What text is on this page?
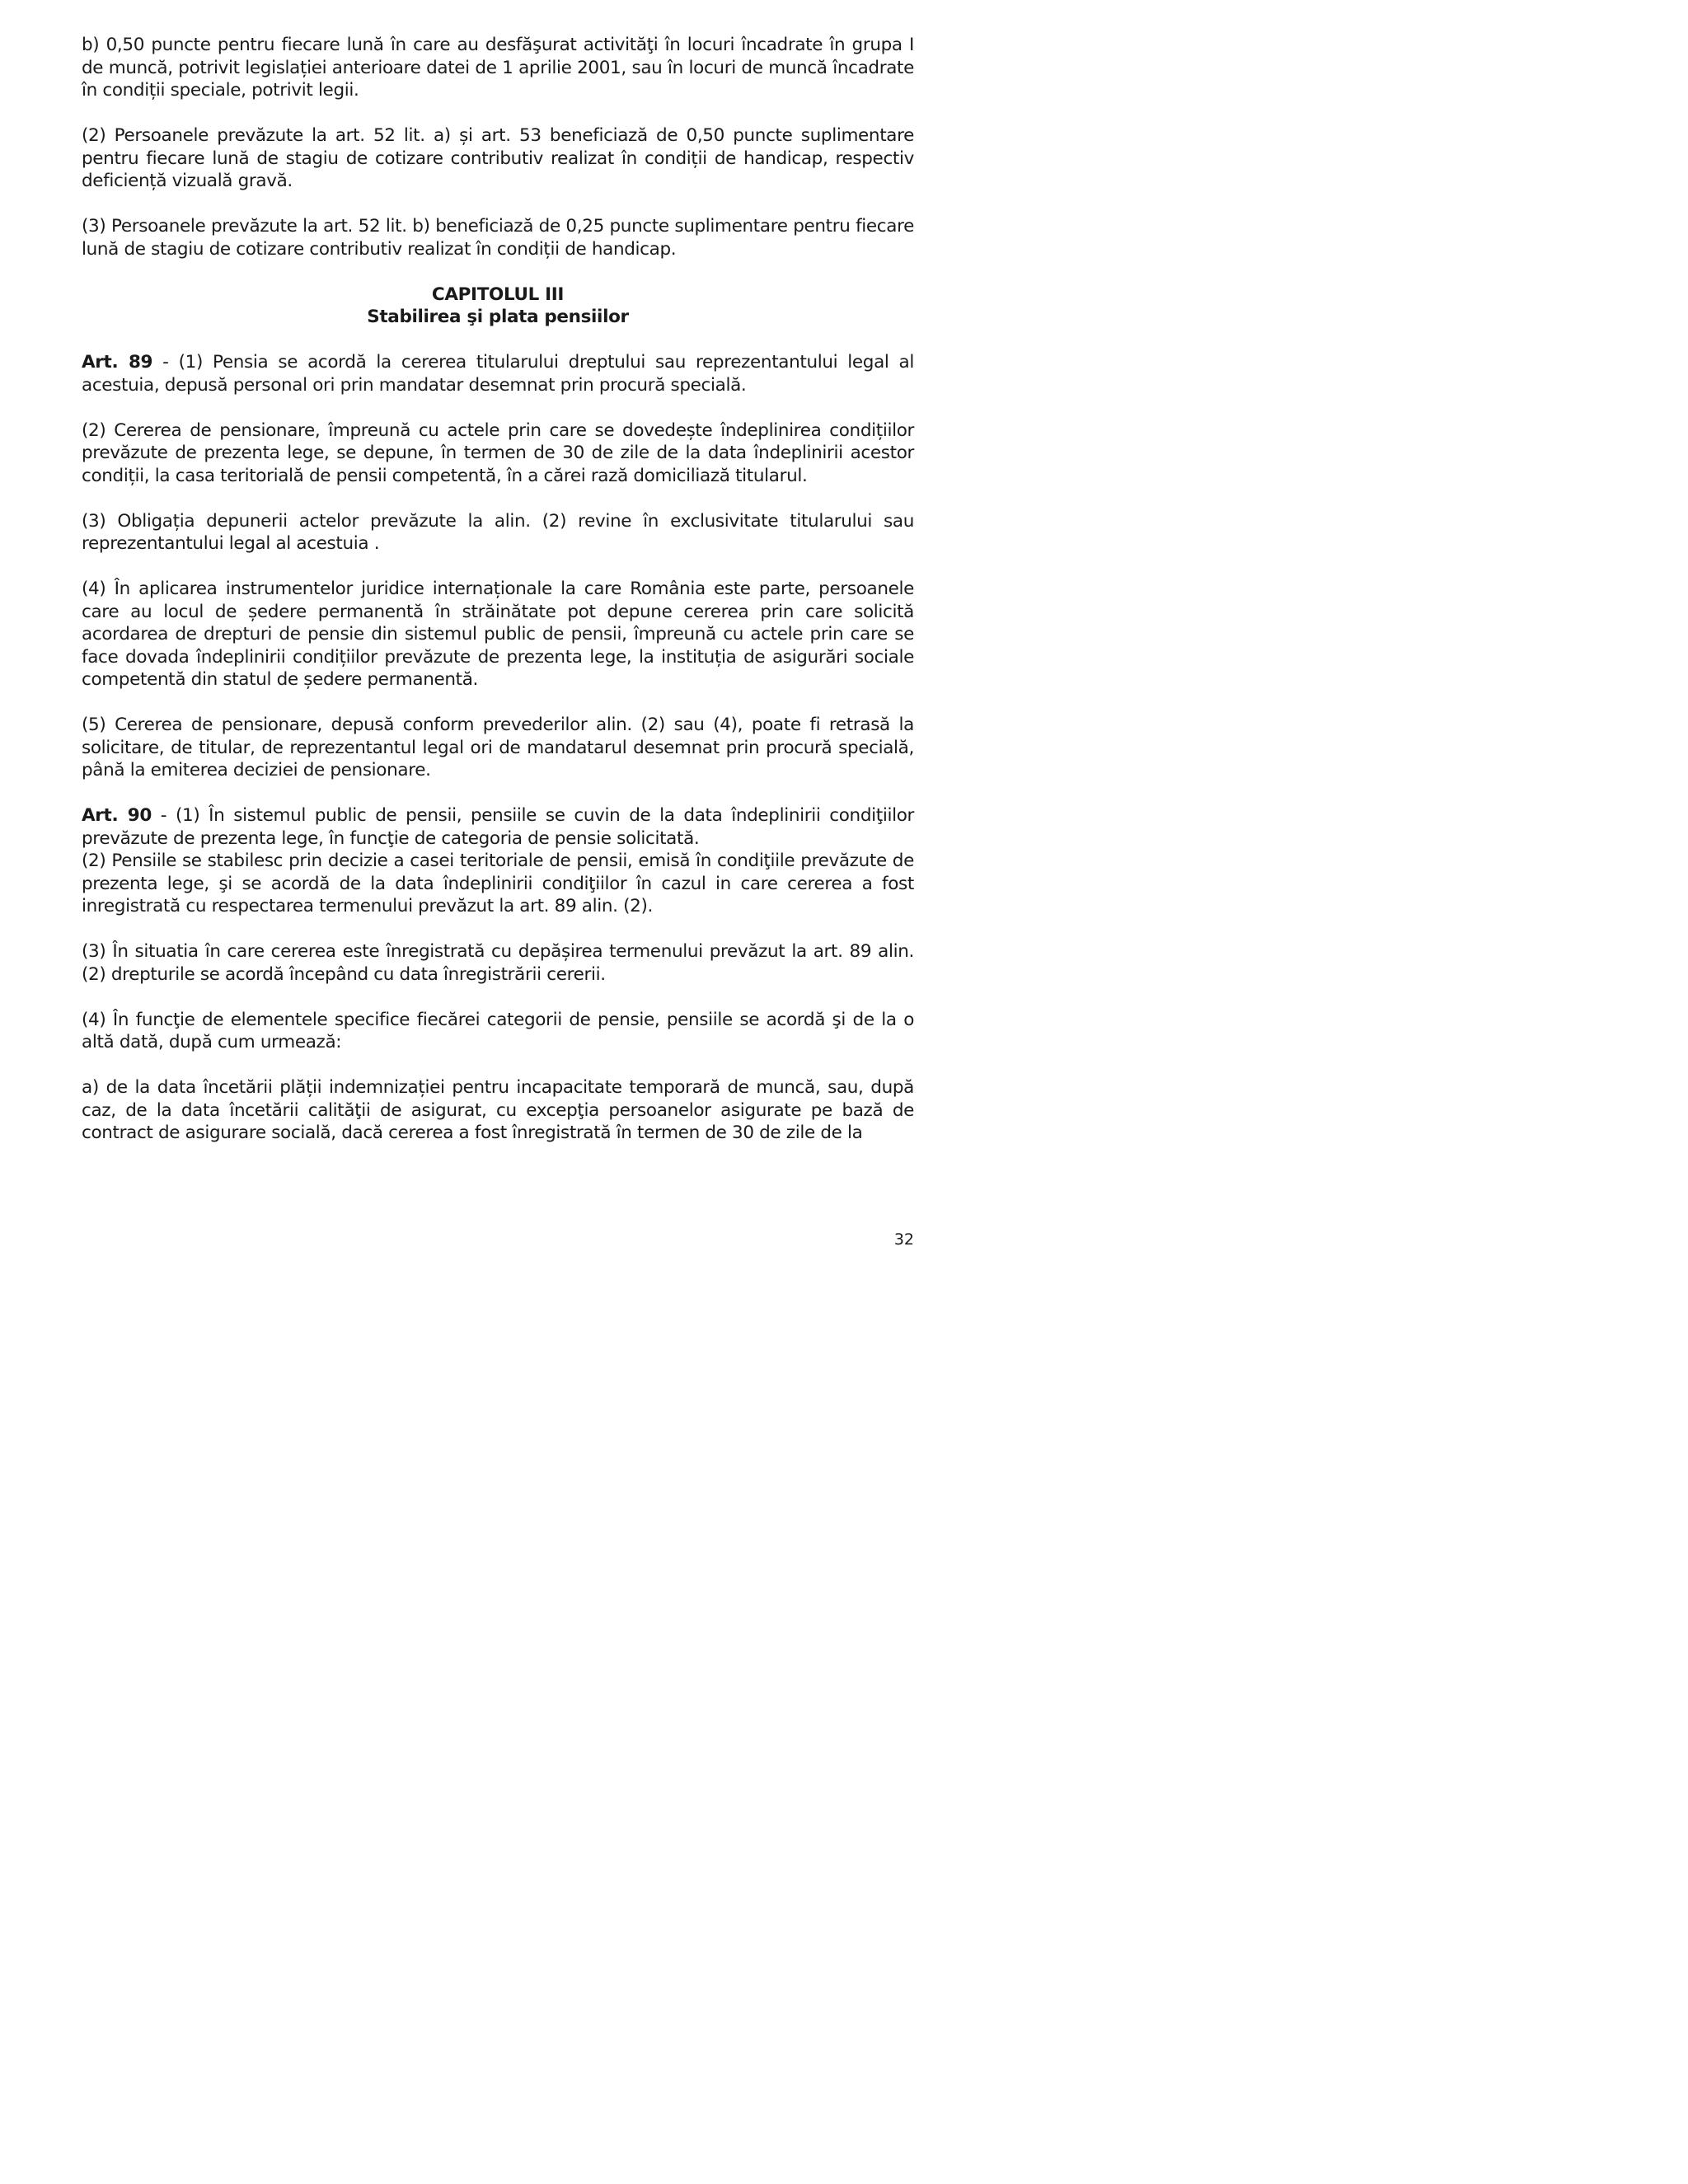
b) 0,50 puncte pentru fiecare lună în care au desfăşurat activităţi în locuri încadrate în grupa I de muncă, potrivit legislației anterioare datei de 1 aprilie 2001, sau în locuri de muncă încadrate în condiții speciale, potrivit legii.

(2) Persoanele prevăzute la art. 52 lit. a) și art. 53 beneficiază de 0,50 puncte suplimentare pentru fiecare lună de stagiu de cotizare contributiv realizat în condiții de handicap, respectiv deficiență vizuală gravă.

(3) Persoanele prevăzute la art. 52 lit. b) beneficiază de 0,25 puncte suplimentare pentru fiecare lună de stagiu de cotizare contributiv realizat în condiții de handicap.

CAPITOLUL III
Stabilirea şi plata pensiilor

Art. 89 - (1) Pensia se acordă la cererea titularului dreptului sau reprezentantului legal al acestuia, depusă personal ori prin mandatar desemnat prin procură specială.

(2) Cererea de pensionare, împreună cu actele prin care se dovedește îndeplinirea condițiilor prevăzute de prezenta lege, se depune, în termen de 30 de zile de la data îndeplinirii acestor condiții, la casa teritorială de pensii competentă, în a cărei rază domiciliază titularul.

(3) Obligația depunerii actelor prevăzute la alin. (2) revine în exclusivitate titularului sau reprezentantului legal al acestuia .

(4) În aplicarea instrumentelor juridice internaționale la care România este parte, persoanele care au locul de ședere permanentă în străinătate pot depune cererea prin care solicită acordarea de drepturi de pensie din sistemul public de pensii, împreună cu actele prin care se face dovada îndeplinirii condițiilor prevăzute de prezenta lege, la instituția de asigurări sociale competentă din statul de ședere permanentă.

(5) Cererea de pensionare, depusă conform prevederilor alin. (2) sau (4), poate fi retrasă la solicitare, de titular, de reprezentantul legal ori de mandatarul desemnat prin procură specială, până la emiterea deciziei de pensionare.

Art. 90 - (1) În sistemul public de pensii, pensiile se cuvin de la data îndeplinirii condiţiilor prevăzute de prezenta lege, în funcţie de categoria de pensie solicitată.

(2) Pensiile se stabilesc prin decizie a casei teritoriale de pensii, emisă în condiţiile prevăzute de prezenta lege, şi se acordă de la data îndeplinirii condiţiilor în cazul in care cererea a fost inregistrată cu respectarea termenului prevăzut la art. 89 alin. (2).

(3) În situatia în care cererea este înregistrată cu depășirea termenului prevăzut la art. 89 alin. (2) drepturile se acordă începând cu data înregistrării cererii.

(4) În funcţie de elementele specifice fiecărei categorii de pensie, pensiile se acordă şi de la o altă dată, după cum urmează:

a) de la data încetării plății indemnizației pentru incapacitate temporară de muncă, sau, după caz, de la data încetării calităţii de asigurat, cu excepţia persoanelor asigurate pe bază de contract de asigurare socială, dacă cererea a fost înregistrată în termen de 30 de zile de la

32
